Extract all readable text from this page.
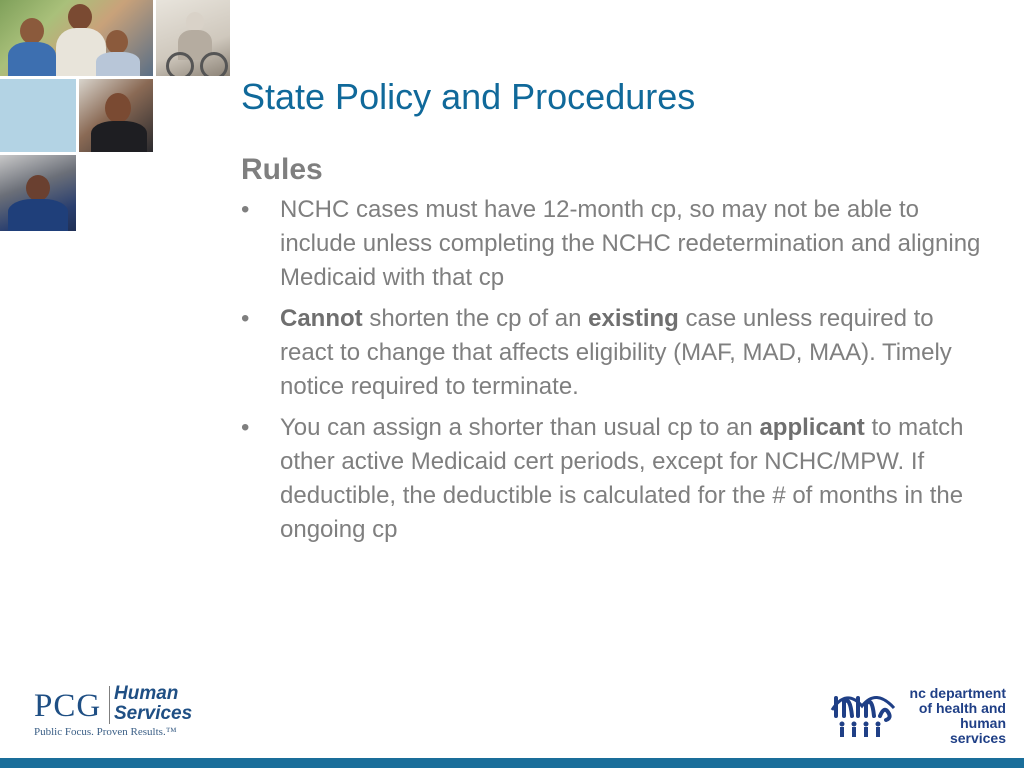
State Policy and Procedures
Rules
• NCHC cases must have 12-month cp, so may not be able to include unless completing the NCHC redetermination and aligning Medicaid with that cp
• Cannot shorten the cp of an existing case unless required to react to change that affects eligibility (MAF, MAD, MAA). Timely notice required to terminate.
• You can assign a shorter than usual cp to an applicant to match other active Medicaid cert periods, except for NCHC/MPW. If deductible, the deductible is calculated for the # of months in the ongoing cp
PCG Human
Services
Public Focus. Proven Results.™
nc department
of health and
human services
